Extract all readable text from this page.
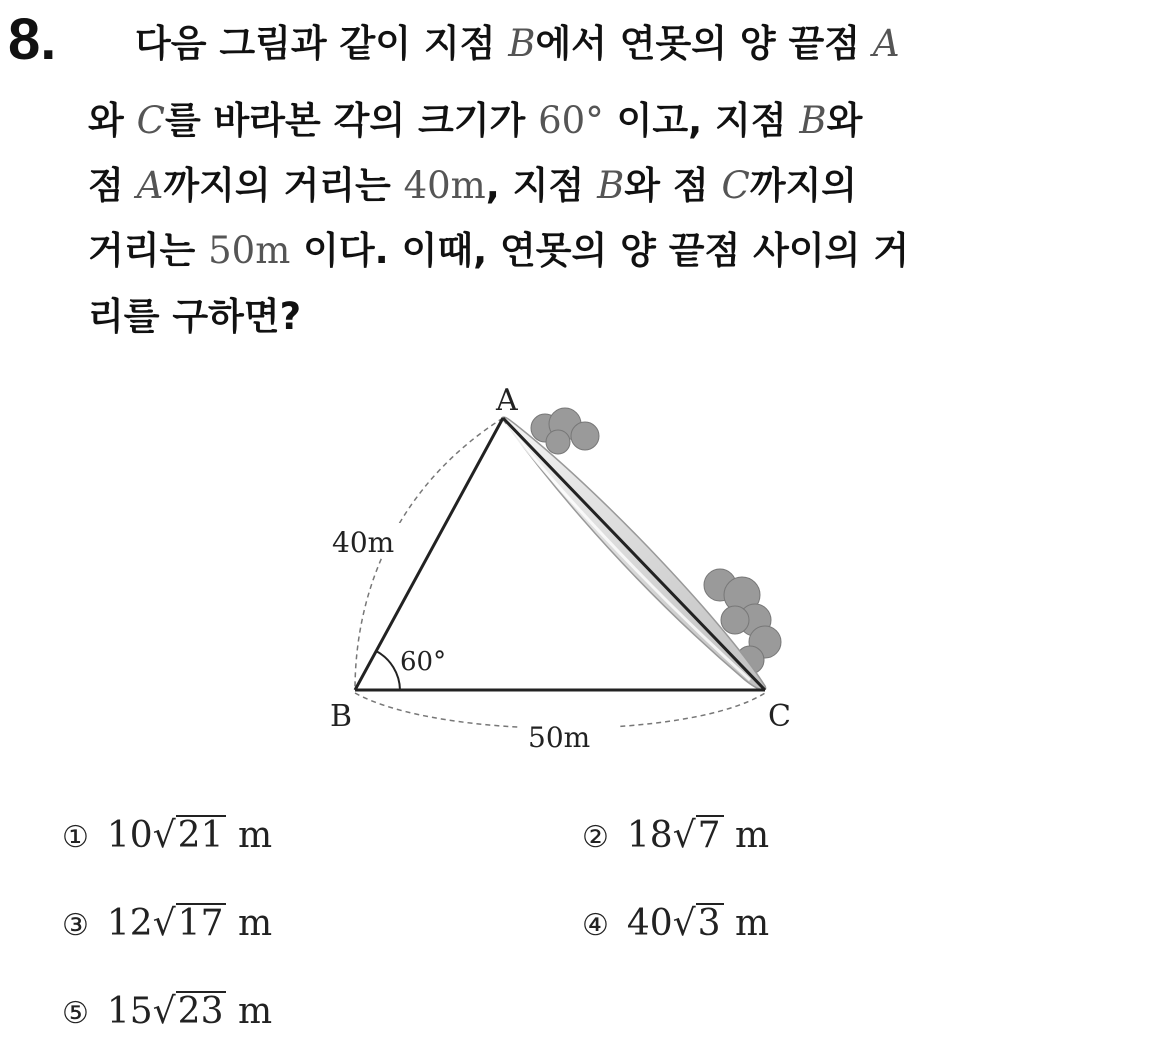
8. 다음 그림과 같이 지점 B에서 연못의 양 끝점 A
와 C를 바라본 각의 크기가 60° 이고, 지점 B와
점 A까지의 거리는 40m, 지점 B와 점 C까지의
거리는 50m 이다. 이때, 연못의 양 끝점 사이의 거
리를 구하면?
A
B	C
40m
50m
60°
① 10√21 m	② 18√7 m
③ 12√17 m	④ 40√3 m
⑤ 15√23 m
